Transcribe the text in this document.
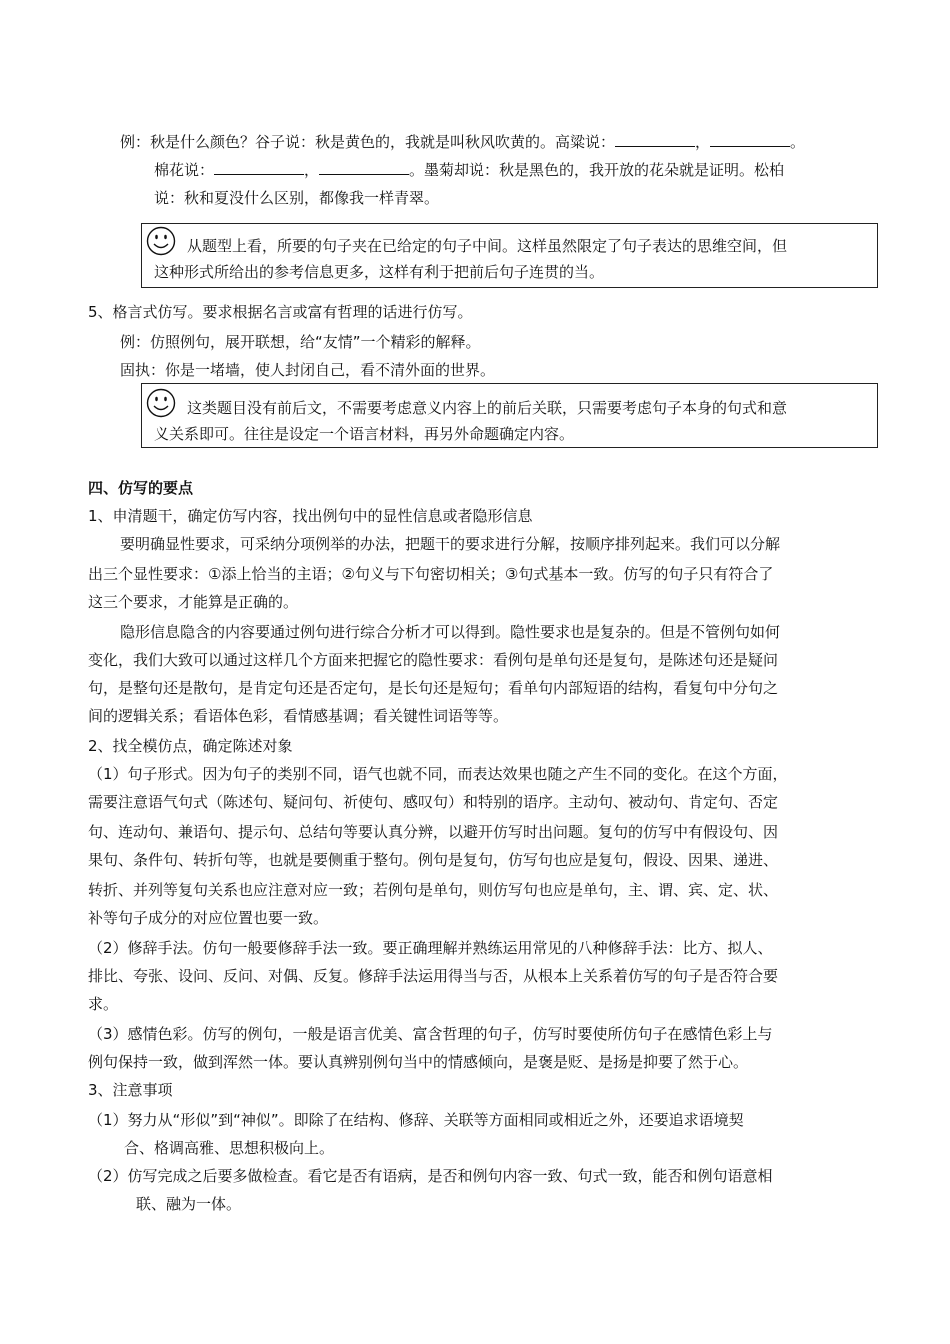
例：秋是什么颜色？谷子说：秋是黄色的，我就是叫秋风吹黄的。高粱说：	，	。
棉花说：	，	。墨菊却说：秋是黑色的，我开放的花朵就是证明。松柏
说：秋和夏没什么区别，都像我一样青翠。
从题型上看，所要的句子夹在已给定的句子中间。这样虽然限定了句子表达的思维空间，但
这种形式所给出的参考信息更多，这样有利于把前后句子连贯的当。
5、格言式仿写。要求根据名言或富有哲理的话进行仿写。
例：仿照例句，展开联想，给“友情”一个精彩的解释。
固执：你是一堵墙，使人封闭自己，看不清外面的世界。
这类题目没有前后文，不需要考虑意义内容上的前后关联，只需要考虑句子本身的句式和意
义关系即可。往往是设定一个语言材料，再另外命题确定内容。
四、仿写的要点
1、申清题干，确定仿写内容，找出例句中的显性信息或者隐形信息
要明确显性要求，可采纳分项例举的办法，把题干的要求进行分解，按顺序排列起来。我们可以分解
出三个显性要求：①添上恰当的主语；②句义与下句密切相关；③句式基本一致。仿写的句子只有符合了
这三个要求，才能算是正确的。
隐形信息隐含的内容要通过例句进行综合分析才可以得到。隐性要求也是复杂的。但是不管例句如何
变化，我们大致可以通过这样几个方面来把握它的隐性要求：看例句是单句还是复句，是陈述句还是疑问
句，是整句还是散句，是肯定句还是否定句，是长句还是短句；看单句内部短语的结构，看复句中分句之
间的逻辑关系；看语体色彩，看情感基调；看关键性词语等等。
2、找全模仿点，确定陈述对象
（1）句子形式。因为句子的类别不同，语气也就不同，而表达效果也随之产生不同的变化。在这个方面，
需要注意语气句式（陈述句、疑问句、祈使句、感叹句）和特别的语序。主动句、被动句、肯定句、否定
句、连动句、兼语句、提示句、总结句等要认真分辨，以避开仿写时出问题。复句的仿写中有假设句、因
果句、条件句、转折句等，也就是要侧重于整句。例句是复句，仿写句也应是复句，假设、因果、递进、
转折、并列等复句关系也应注意对应一致；若例句是单句，则仿写句也应是单句，主、谓、宾、定、状、
补等句子成分的对应位置也要一致。
（2）修辞手法。仿句一般要修辞手法一致。要正确理解并熟练运用常见的八种修辞手法：比方、拟人、
排比、夸张、设问、反问、对偶、反复。修辞手法运用得当与否，从根本上关系着仿写的句子是否符合要
求。
（3）感情色彩。仿写的例句，一般是语言优美、富含哲理的句子，仿写时要使所仿句子在感情色彩上与
例句保持一致，做到浑然一体。要认真辨别例句当中的情感倾向，是褒是贬、是扬是抑要了然于心。
3、注意事项
（1）努力从“形似”到“神似”。即除了在结构、修辞、关联等方面相同或相近之外，还要追求语境契
合、格调高雅、思想积极向上。
（2）仿写完成之后要多做检查。看它是否有语病，是否和例句内容一致、句式一致，能否和例句语意相
联、融为一体。
